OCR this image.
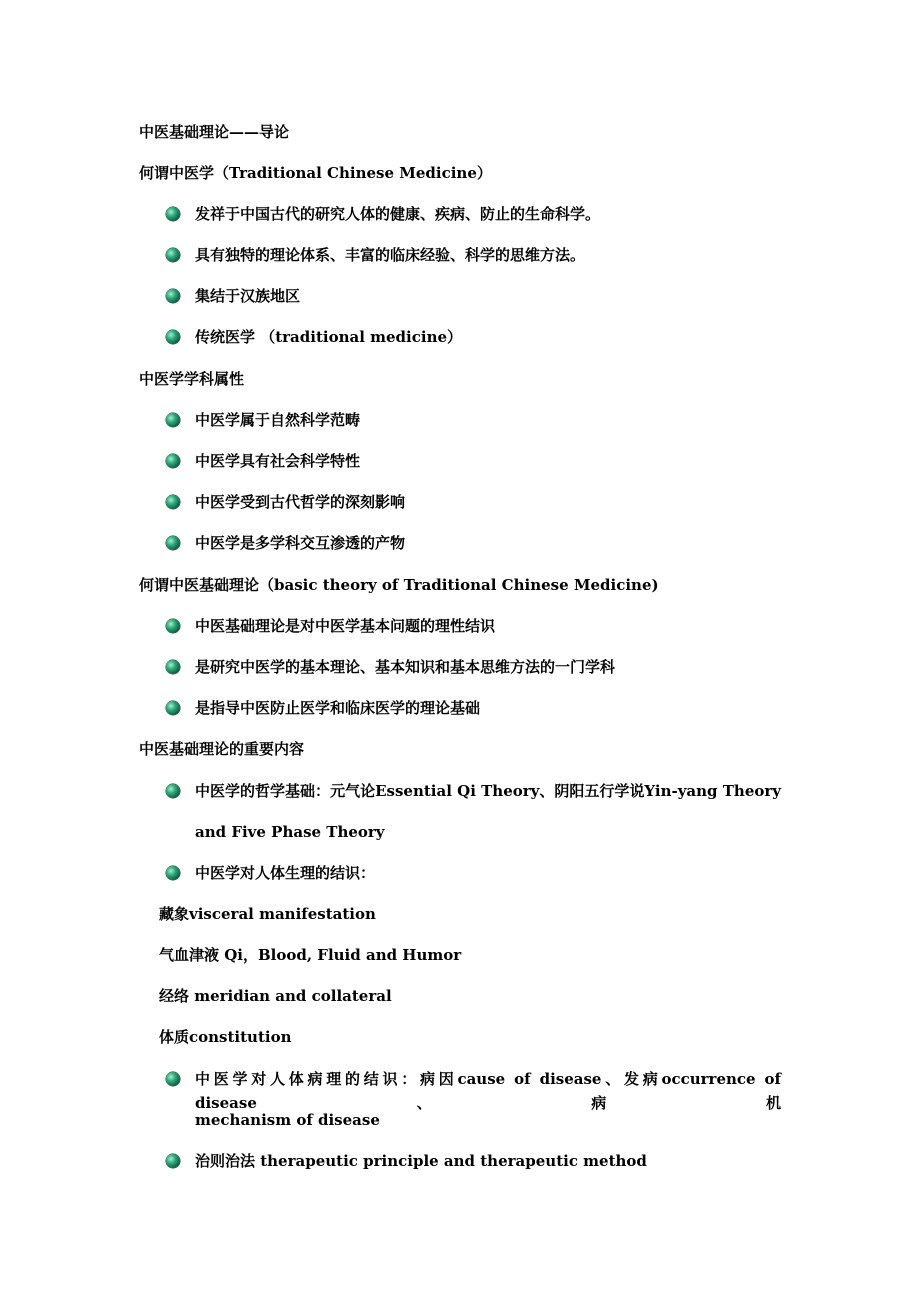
中医基础理论——导论
何谓中医学（Traditional Chinese Medicine）
发祥于中国古代的研究人体的健康、疾病、防止的生命科学。
具有独特的理论体系、丰富的临床经验、科学的思维方法。
集结于汉族地区
传统医学 （traditional medicine）
中医学学科属性
中医学属于自然科学范畴
中医学具有社会科学特性
中医学受到古代哲学的深刻影响
中医学是多学科交互渗透的产物
何谓中医基础理论（basic theory of Traditional Chinese Medicine)
中医基础理论是对中医学基本问题的理性结识
是研究中医学的基本理论、基本知识和基本思维方法的一门学科
是指导中医防止医学和临床医学的理论基础
中医基础理论的重要内容
中医学的哲学基础：元气论Essential Qi Theory、阴阳五行学说Yin-yang Theory
and Five Phase Theory
中医学对人体生理的结识：
藏象visceral manifestation
气血津液 Qi，Blood, Fluid and Humor
经络 meridian and collateral
体质constitution
中医学对人体病理的结识：病因cause of disease、发病occurrence of disease、病机
mechanism of disease
治则治法 therapeutic principle and therapeutic method
